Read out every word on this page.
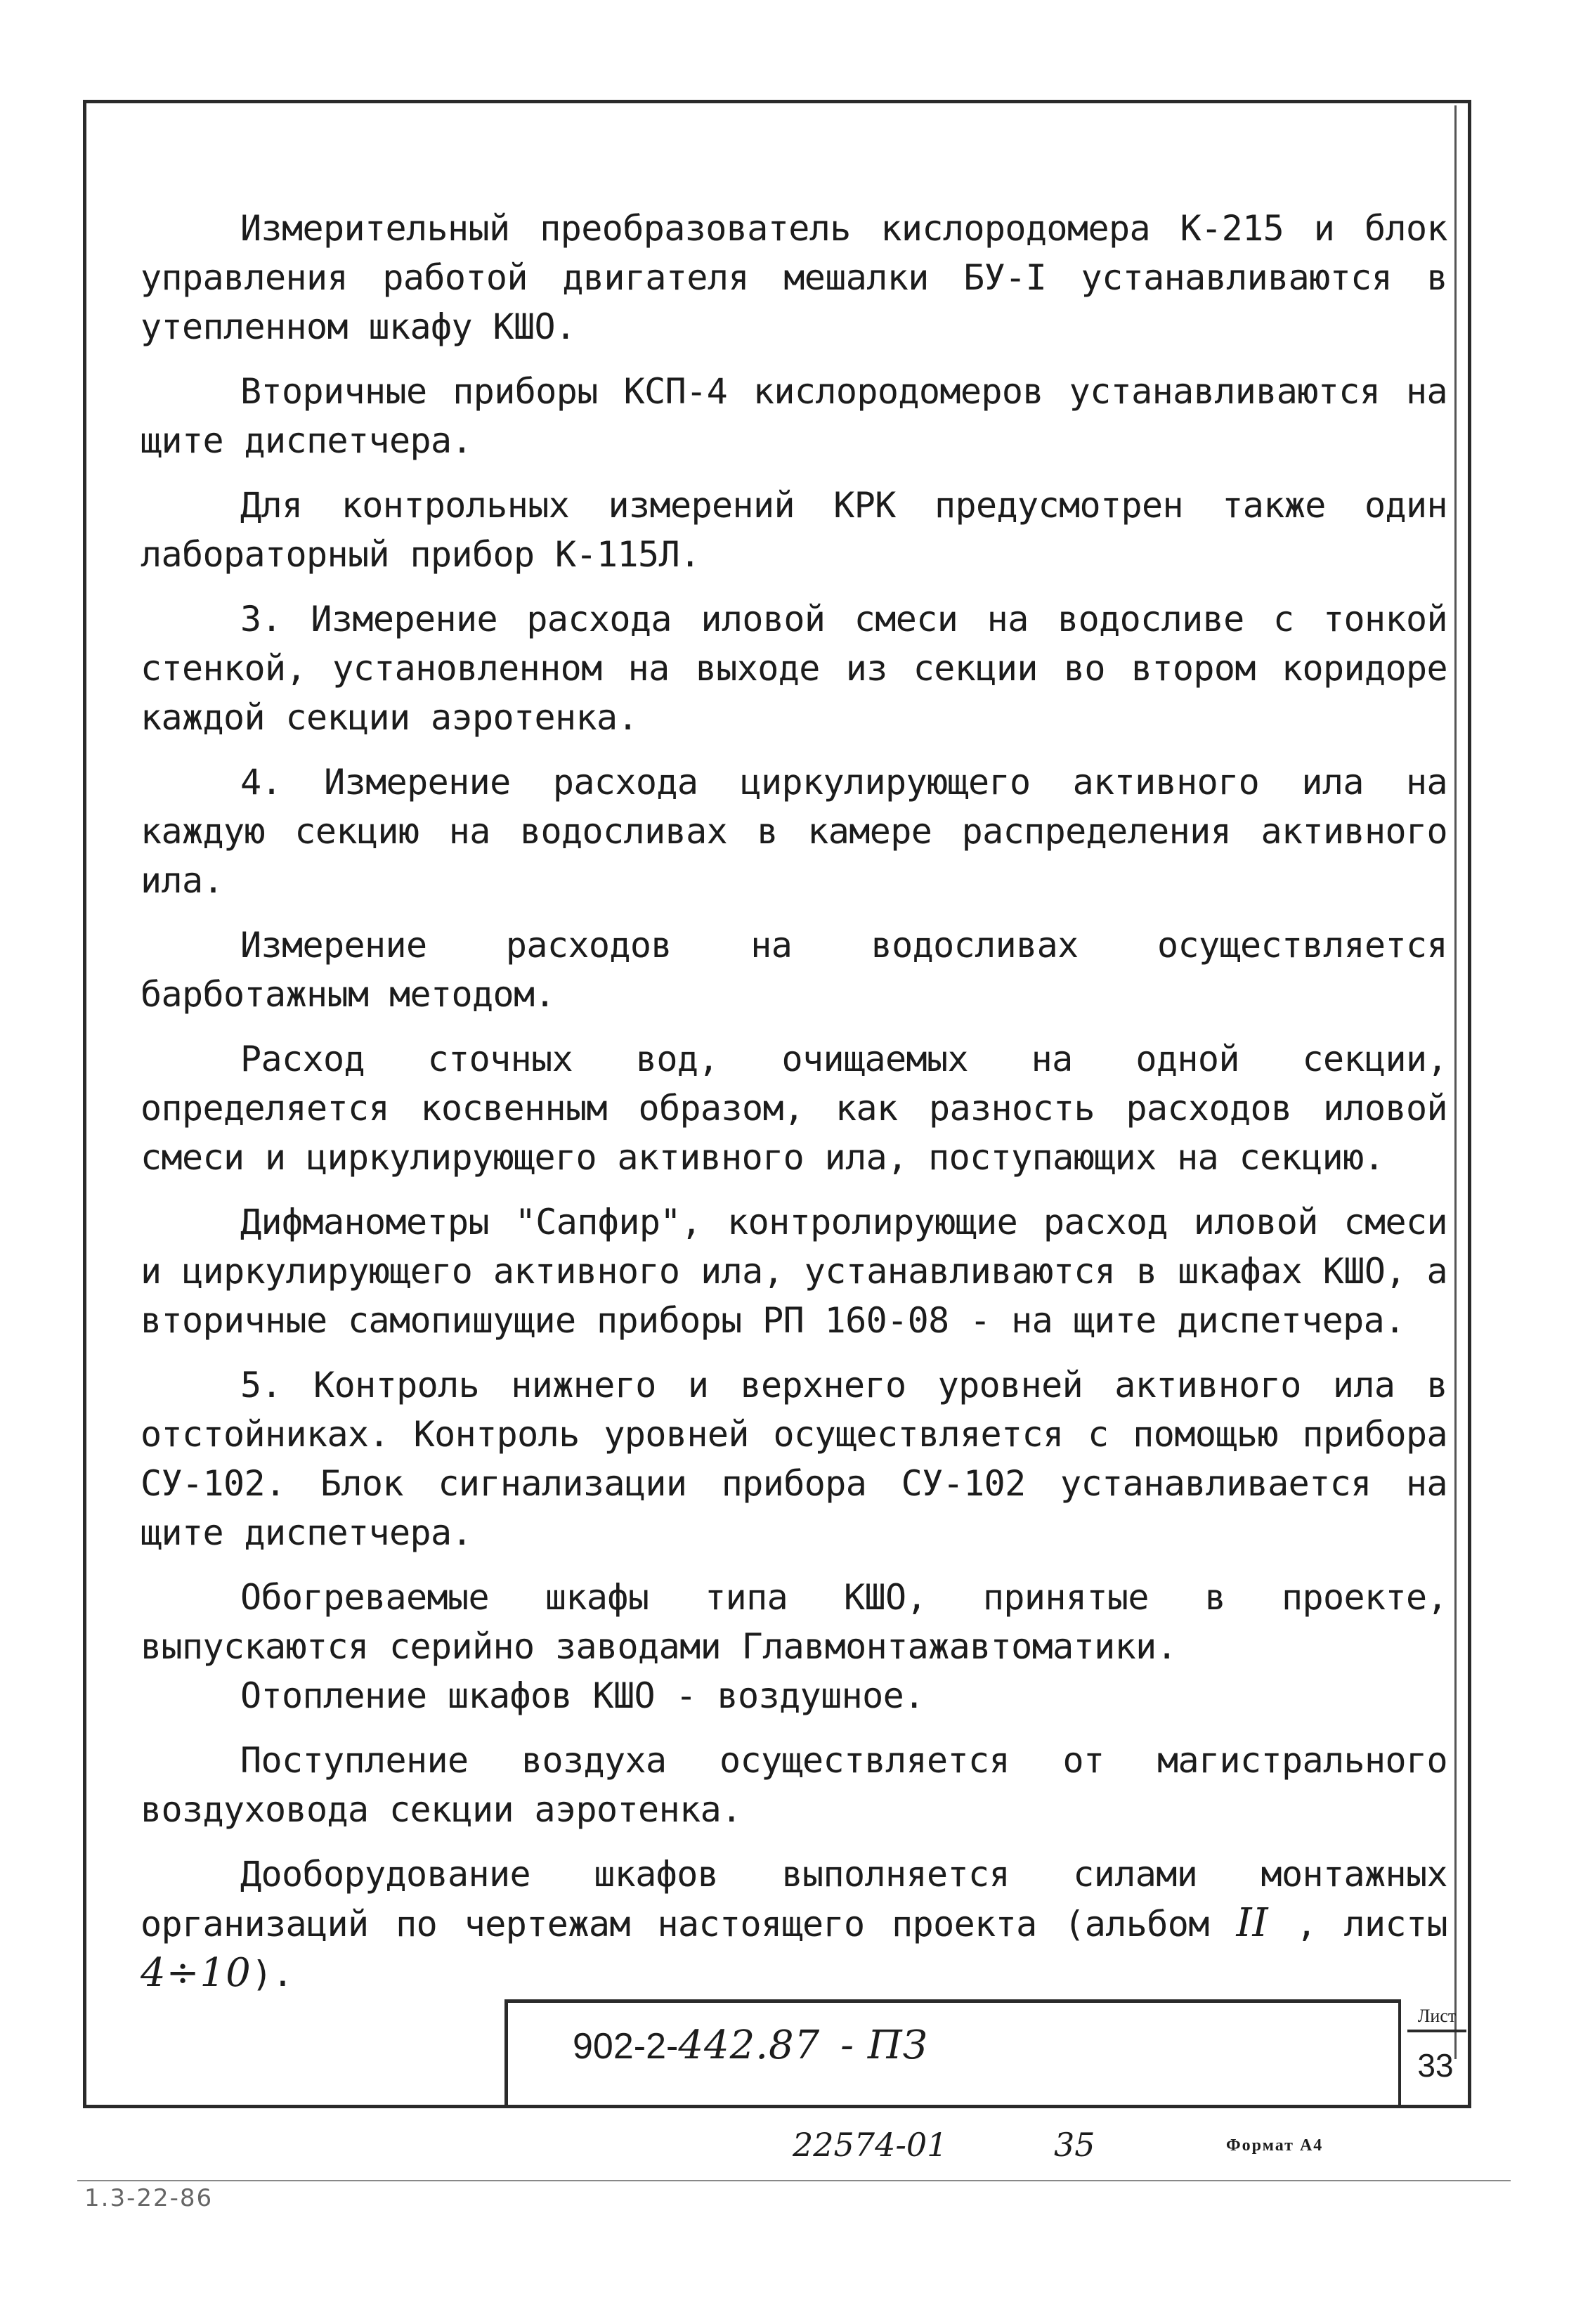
Измерительный преобразователь кислородомера К-215 и блок управления работой двигателя мешалки БУ-I устанавливаются в утепленном шкафу КШО.

Вторичные приборы КСП-4 кислородомеров устанавливаются на щите диспетчера.

Для контрольных измерений КРК предусмотрен также один лабораторный прибор К-115Л.

3. Измерение расхода иловой смеси на водосливе с тонкой стенкой, установленном на выходе из секции во втором коридоре каждой секции аэротенка.

4. Измерение расхода циркулирующего активного ила на каждую секцию на водосливах в камере распределения активного ила.

Измерение расходов на водосливах осуществляется барботажным методом.

Расход сточных вод, очищаемых на одной секции, определяется косвенным образом, как разность расходов иловой смеси и циркулирующего активного ила, поступающих на секцию.

Дифманометры "Сапфир", контролирующие расход иловой смеси и циркулирующего активного ила, устанавливаются в шкафах КШО, а вторичные самопишущие приборы РП 160-08 - на щите диспетчера.

5. Контроль нижнего и верхнего уровней активного ила в отстойниках. Контроль уровней осуществляется с помощью прибора СУ-102. Блок сигнализации прибора СУ-102 устанавливается на щите диспетчера.

Обогреваемые шкафы типа КШО, принятые в проекте, выпускаются серийно заводами Главмонтажавтоматики.

Отопление шкафов КШО - воздушное.

Поступление воздуха осуществляется от магистрального воздуховода секции аэротенка.

Дооборудование шкафов выполняется силами монтажных организаций по чертежам настоящего проекта (альбом II , листы 4÷10).

902-2-442.87 - ПЗ
Лист
33
22574-01	35	Формат А4
1.3-22-86
